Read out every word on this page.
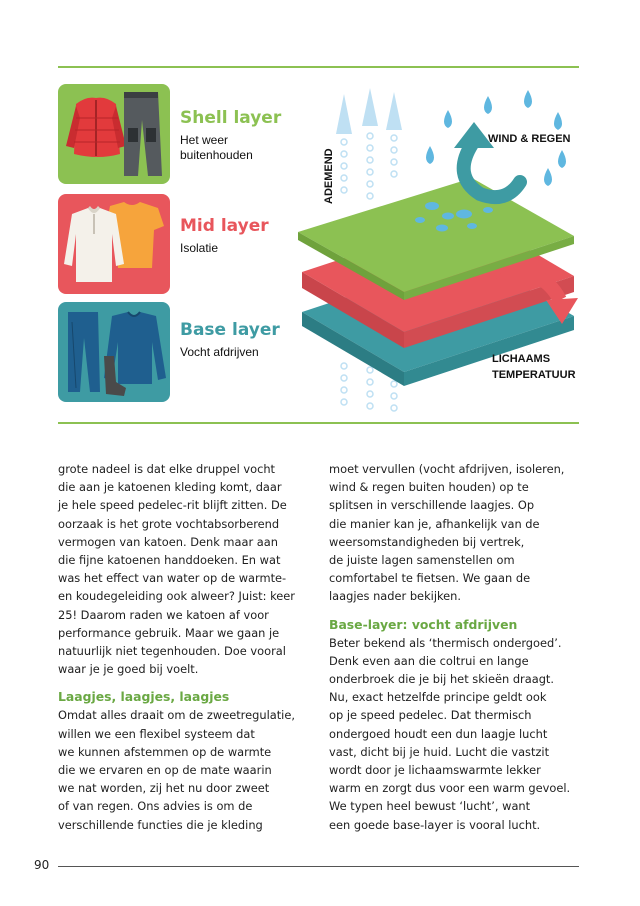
Shell layer
Het weer
buitenhouden
Mid layer
Isolatie
Base layer
Vocht afdrijven
ADEMEND
WIND & REGEN
LICHAAMS
TEMPERATUUR
grote nadeel is dat elke druppel vocht
die aan je katoenen kleding komt, daar
je hele speed pedelec-rit blijft zitten. De
oorzaak is het grote vochtabsorberend
vermogen van katoen. Denk maar aan
die fijne katoenen handdoeken. En wat
was het effect van water op de warmte-
en koudegeleiding ook alweer? Juist: keer
25! Daarom raden we katoen af voor
performance gebruik. Maar we gaan je
natuurlijk niet tegenhouden. Doe vooral
waar je je goed bij voelt.
Laagjes, laagjes, laagjes
Omdat alles draait om de zweetregulatie,
willen we een flexibel systeem dat
we kunnen afstemmen op de warmte
die we ervaren en op de mate waarin
we nat worden, zij het nu door zweet
of van regen. Ons advies is om de
verschillende functies die je kleding
moet vervullen (vocht afdrijven, isoleren,
wind & regen buiten houden) op te
splitsen in verschillende laagjes. Op
die manier kan je, afhankelijk van de
weersomstandigheden bij vertrek,
de juiste lagen samenstellen om
comfortabel te fietsen. We gaan de
laagjes nader bekijken.
Base-layer: vocht afdrijven
Beter bekend als ‘thermisch ondergoed’.
Denk even aan die coltrui en lange
onderbroek die je bij het skieën draagt.
Nu, exact hetzelfde principe geldt ook
op je speed pedelec. Dat thermisch
ondergoed houdt een dun laagje lucht
vast, dicht bij je huid. Lucht die vastzit
wordt door je lichaamswarmte lekker
warm en zorgt dus voor een warm gevoel.
We typen heel bewust ‘lucht’, want
een goede base-layer is vooral lucht.
90
